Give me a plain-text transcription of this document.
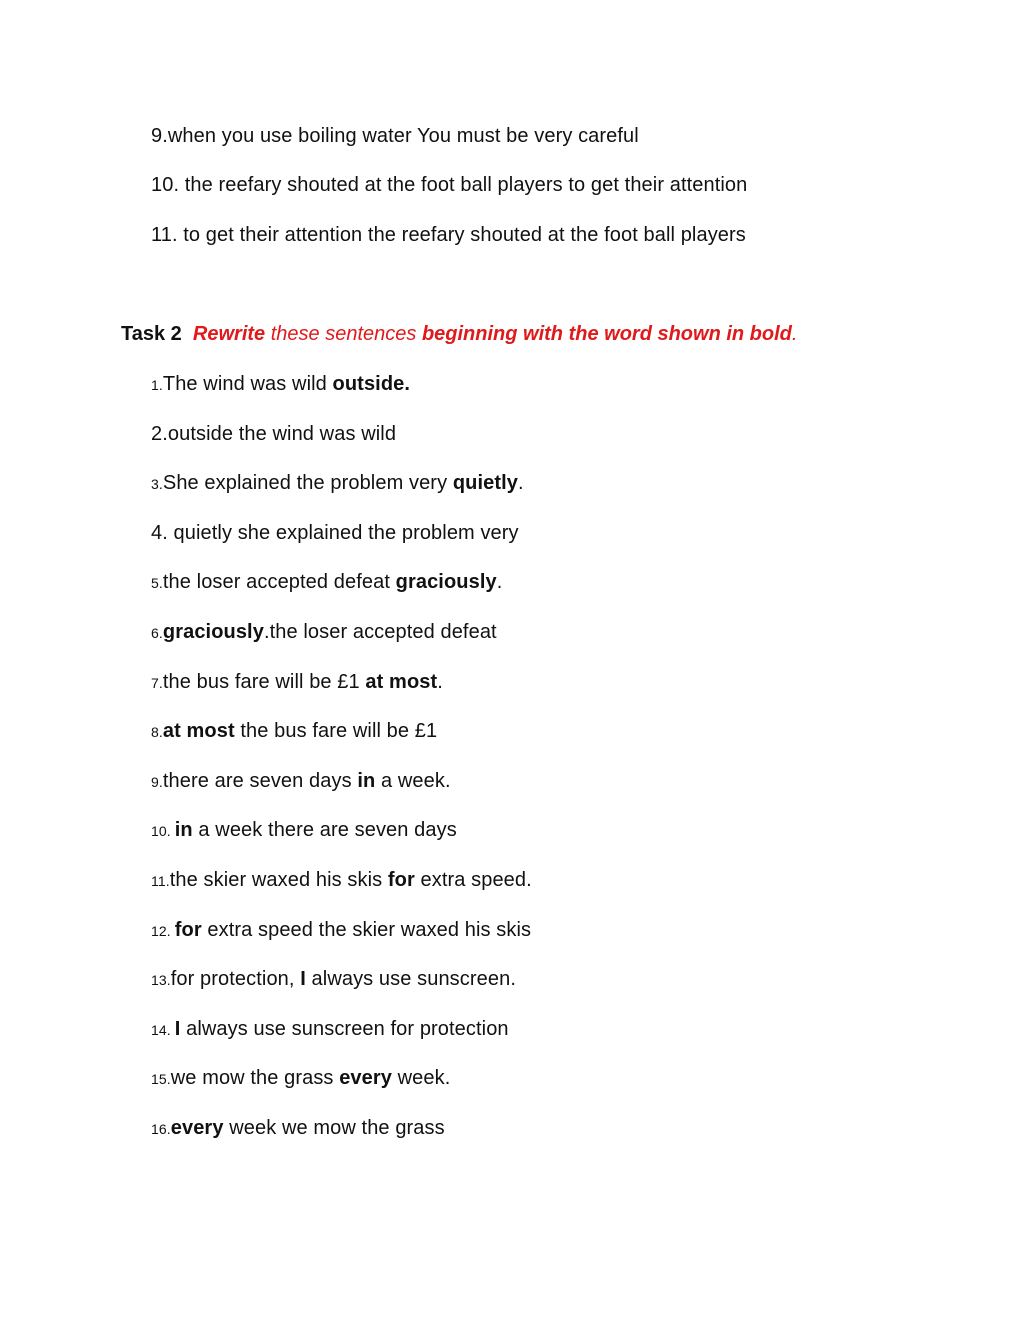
9.when you use boiling water You must be very careful
10. the reefary shouted at the foot ball players to get their attention
11. to get their attention the reefary shouted at the foot ball players
Task 2 Rewrite these sentences beginning with the word shown in bold.
1.The wind was wild outside.
2.outside the wind was wild
3.She explained the problem very quietly.
4. quietly she explained the problem very
5.the loser accepted defeat graciously.
6.graciously.the loser accepted defeat
7.the bus fare will be £1 at most.
8.at most the bus fare will be £1
9.there are seven days in a week.
10. in a week there are seven days
11.the skier waxed his skis for extra speed.
12. for extra speed the skier waxed his skis
13.for protection, I always use sunscreen.
14. I always use sunscreen for protection
15.we mow the grass every week.
16.every week we mow the grass
